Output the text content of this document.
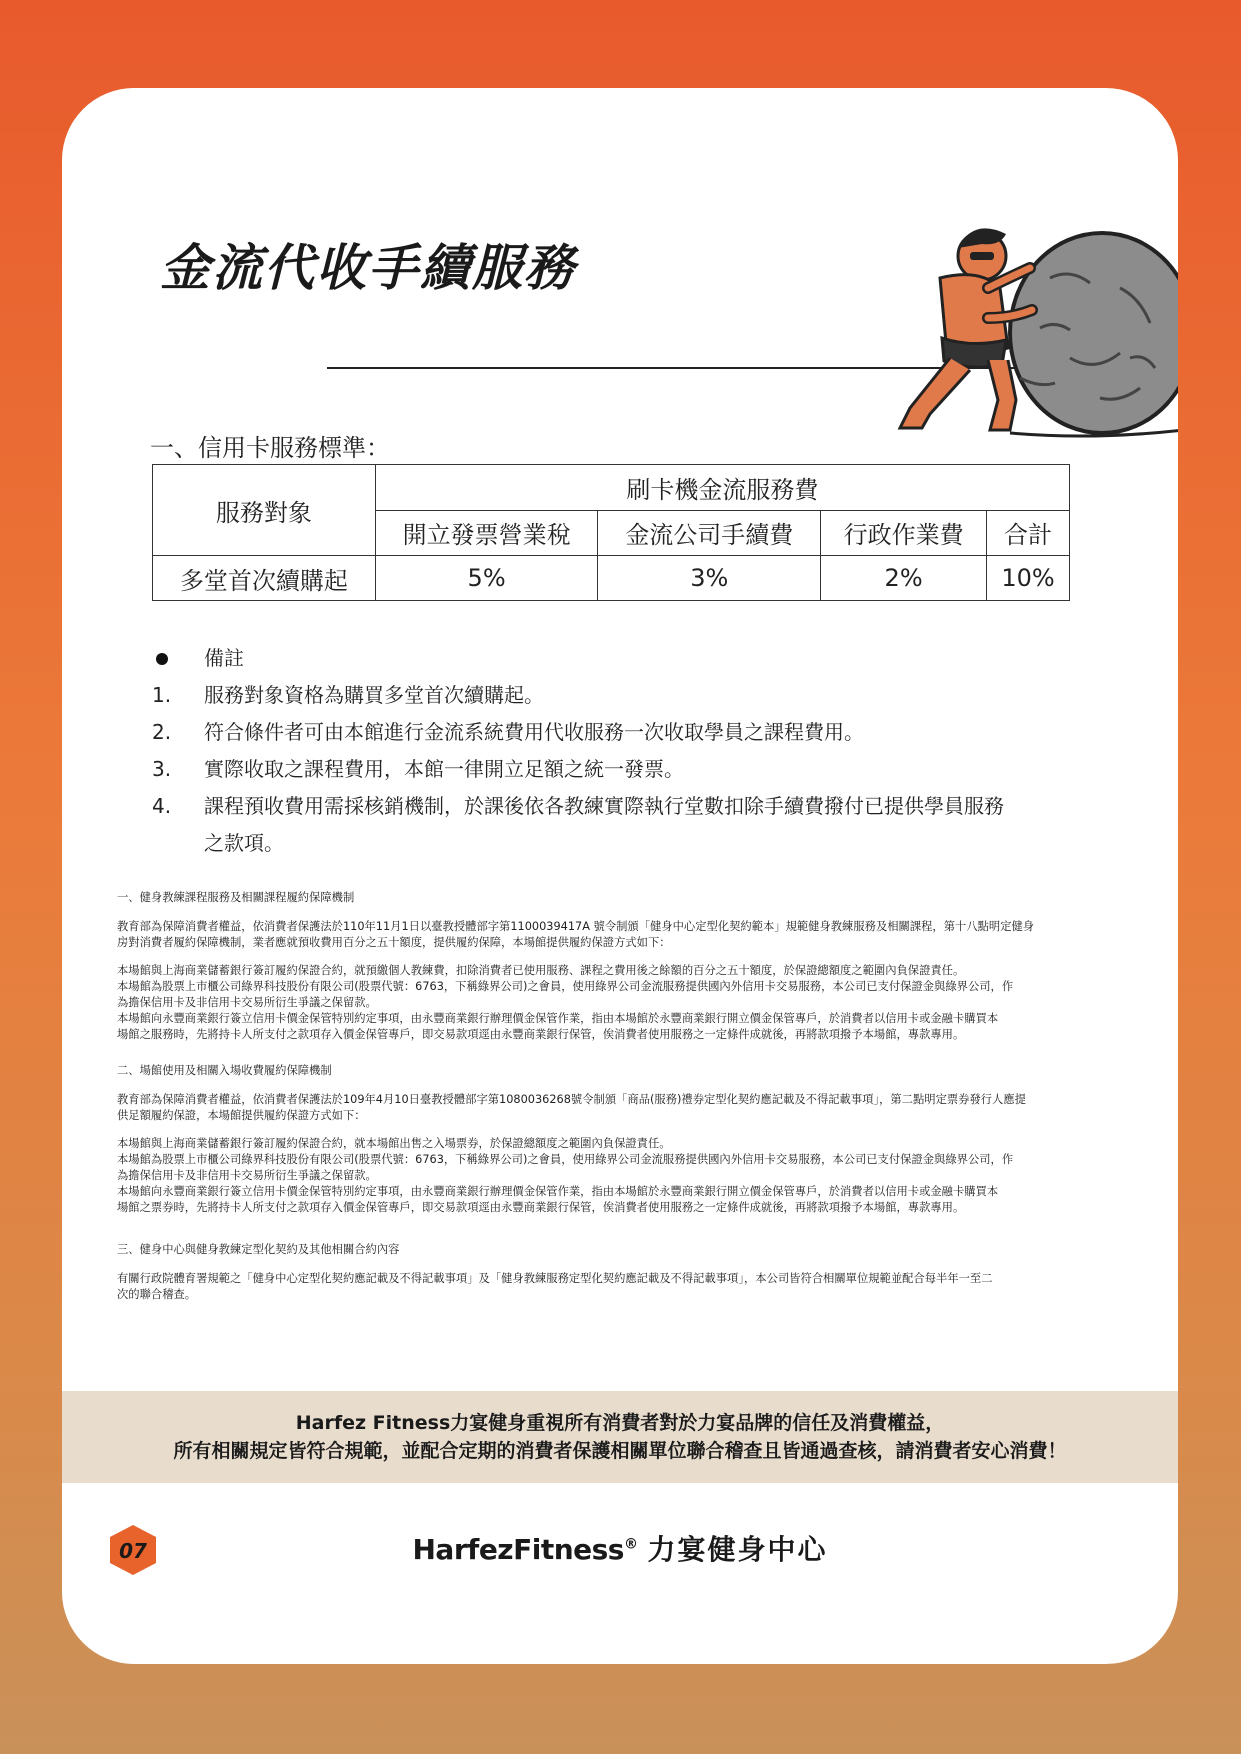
金流代收手續服務
一、信用卡服務標準：
服務對象	刷卡機金流服務費			
	開立發票營業稅	金流公司手續費	行政作業費	合計
多堂首次續購起	5%	3%	2%	10%
備註
1.	服務對象資格為購買多堂首次續購起。
2.	符合條件者可由本館進行金流系統費用代收服務一次收取學員之課程費用。
3.	實際收取之課程費用，本館一律開立足額之統一發票。
4.	課程預收費用需採核銷機制，於課後依各教練實際執行堂數扣除手續費撥付已提供學員服務
之款項。

一、健身教練課程服務及相關課程履約保障機制

教育部為保障消費者權益，依消費者保護法於110年11月1日以臺教授體部字第1100039417A 號令制頒「健身中心定型化契約範本」規範健身教練服務及相關課程，第十八點明定健身

房對消費者履約保障機制，業者應就預收費用百分之五十額度，提供履約保障，本場館提供履約保證方式如下：

本場館與上海商業儲蓄銀行簽訂履約保證合約，就預繳個人教練費，扣除消費者已使用服務、課程之費用後之餘額的百分之五十額度，於保證總額度之範圍內負保證責任。

本場館為股票上市櫃公司綠界科技股份有限公司(股票代號：6763，下稱綠界公司)之會員，使用綠界公司金流服務提供國內外信用卡交易服務，本公司已支付保證金與綠界公司，作

為擔保信用卡及非信用卡交易所衍生爭議之保留款。

本場館向永豐商業銀行簽立信用卡價金保管特別約定事項，由永豐商業銀行辦理價金保管作業，指由本場館於永豐商業銀行開立價金保管專戶，於消費者以信用卡或金融卡購買本

場館之服務時，先將持卡人所支付之款項存入價金保管專戶，即交易款項逕由永豐商業銀行保管，俟消費者使用服務之一定條件成就後，再將款項撥予本場館，專款專用。

二、場館使用及相關入場收費履約保障機制

教育部為保障消費者權益，依消費者保護法於109年4月10日臺教授體部字第1080036268號令制頒「商品(服務)禮券定型化契約應記載及不得記載事項」，第二點明定票券發行人應提

供足額履約保證，本場館提供履約保證方式如下：

本場館與上海商業儲蓄銀行簽訂履約保證合約，就本場館出售之入場票券，於保證總額度之範圍內負保證責任。

本場館為股票上市櫃公司綠界科技股份有限公司(股票代號：6763，下稱綠界公司)之會員，使用綠界公司金流服務提供國內外信用卡交易服務，本公司已支付保證金與綠界公司，作

為擔保信用卡及非信用卡交易所衍生爭議之保留款。

本場館向永豐商業銀行簽立信用卡價金保管特別約定事項，由永豐商業銀行辦理價金保管作業，指由本場館於永豐商業銀行開立價金保管專戶，於消費者以信用卡或金融卡購買本

場館之票券時，先將持卡人所支付之款項存入價金保管專戶，即交易款項逕由永豐商業銀行保管，俟消費者使用服務之一定條件成就後，再將款項撥予本場館，專款專用。

三、健身中心與健身教練定型化契約及其他相關合約內容

有關行政院體育署規範之「健身中心定型化契約應記載及不得記載事項」及「健身教練服務定型化契約應記載及不得記載事項」，本公司皆符合相關單位規範並配合每半年一至二

次的聯合稽查。

Harfez Fitness力宴健身重視所有消費者對於力宴品牌的信任及消費權益，
所有相關規定皆符合規範，並配合定期的消費者保護相關單位聯合稽查且皆通過查核，請消費者安心消費！
07	HarfezFitness® 力宴健身中心
